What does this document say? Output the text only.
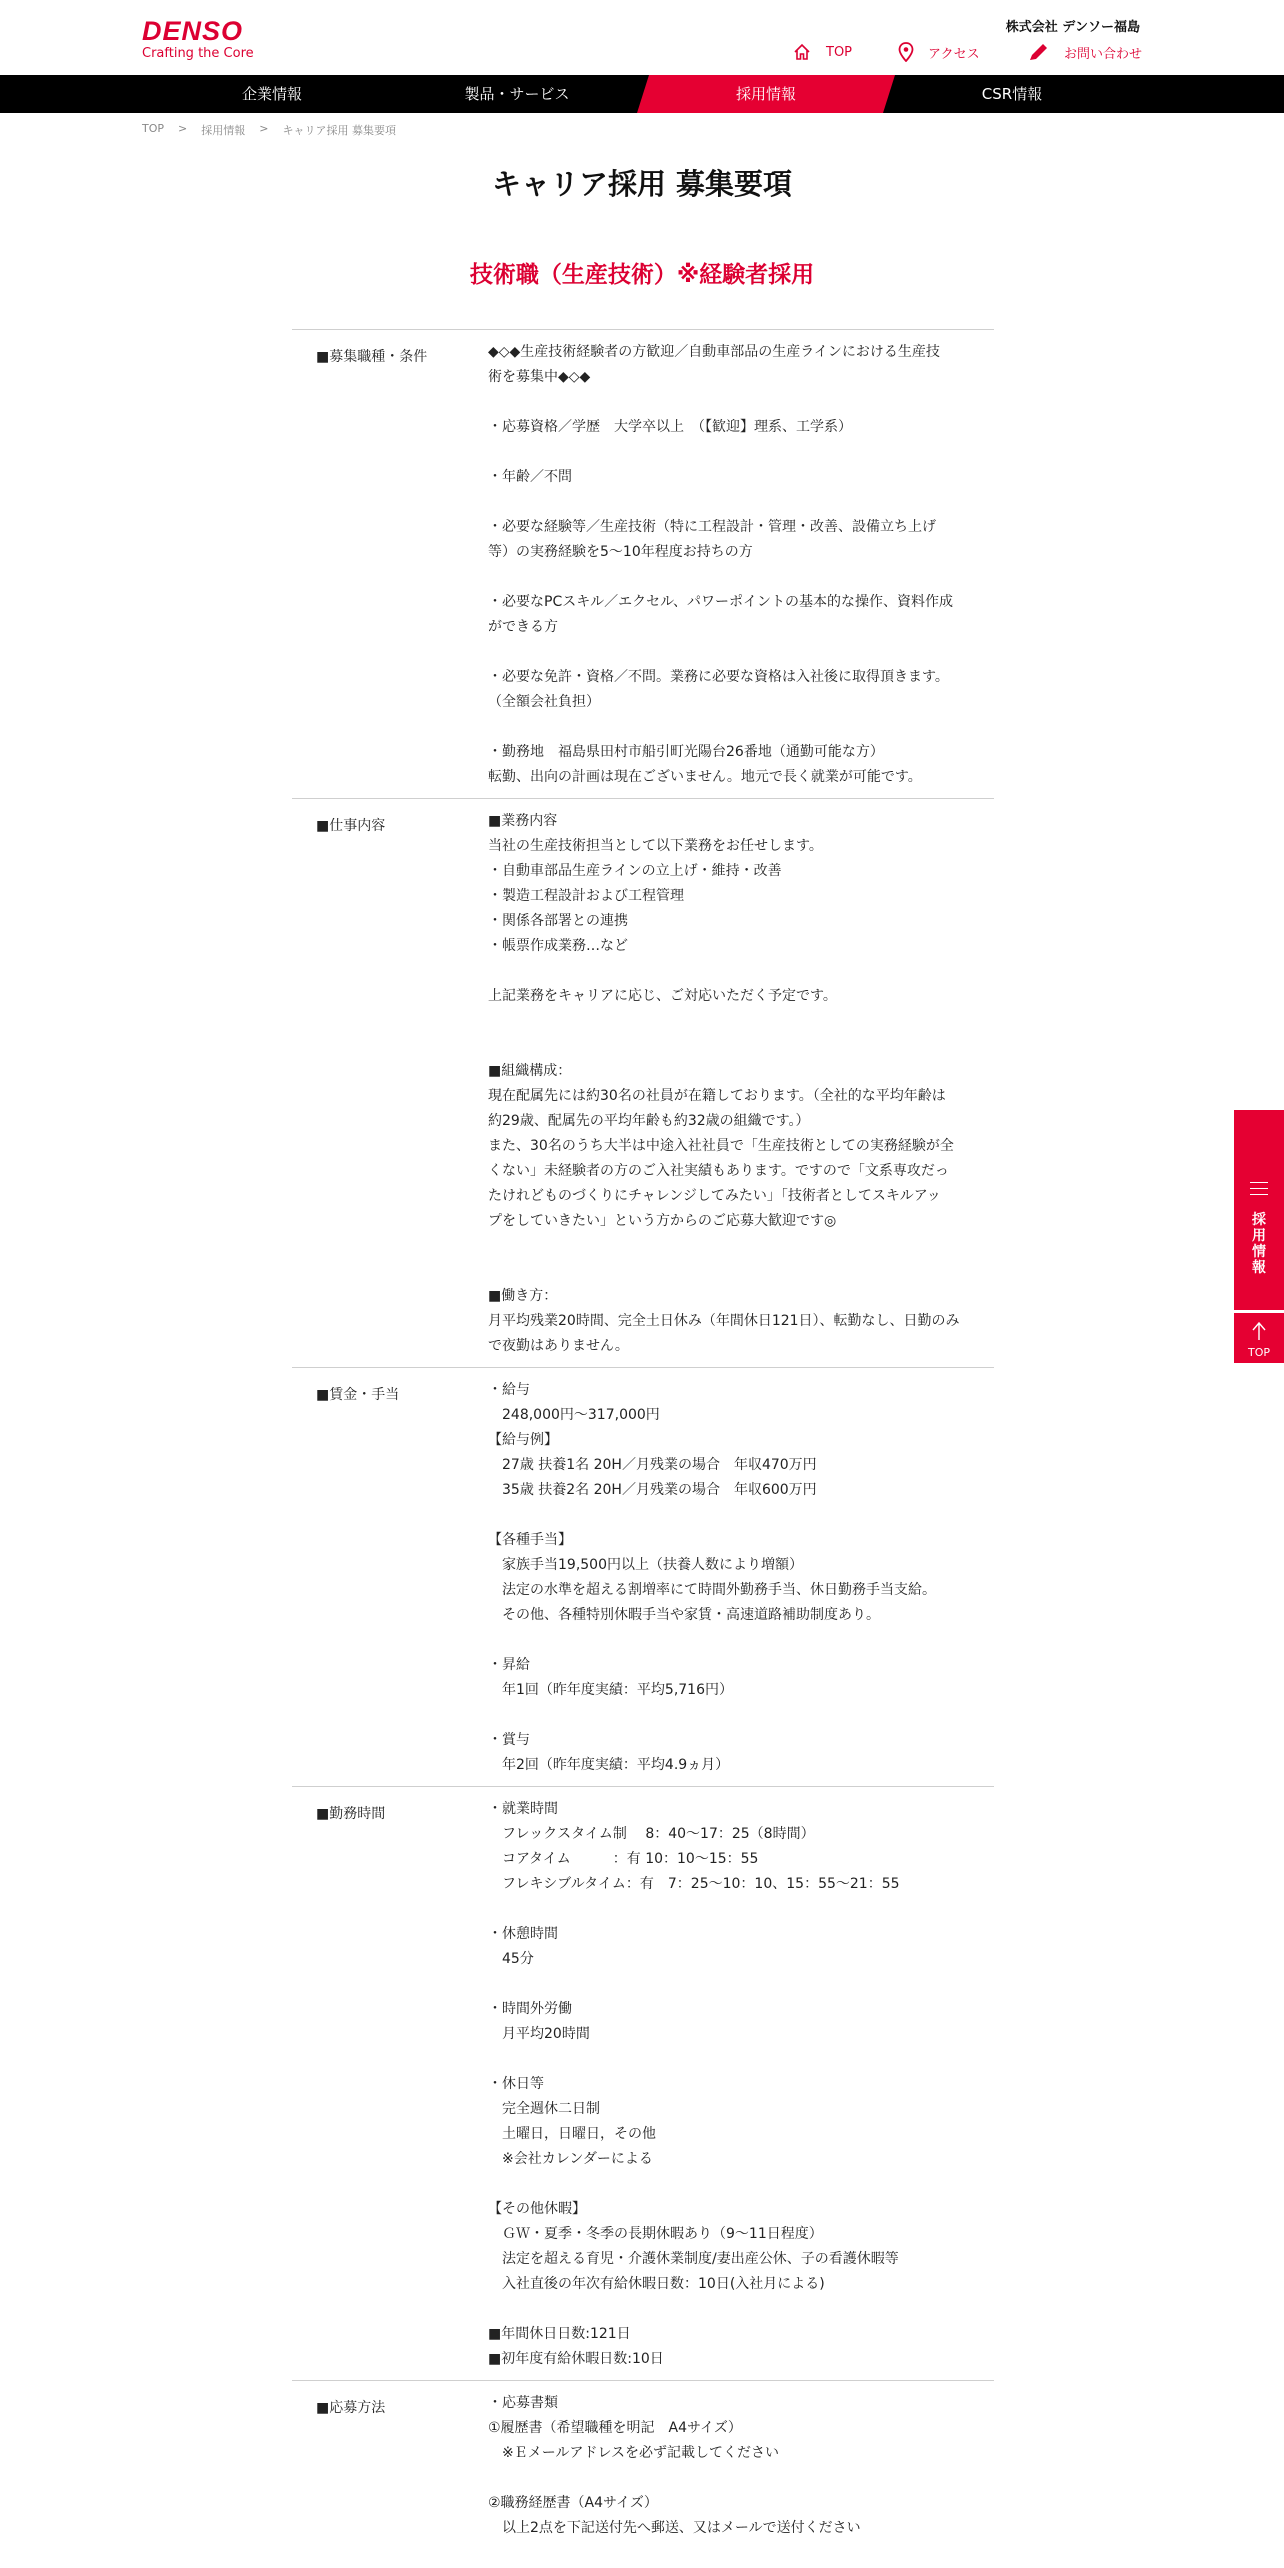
DENSO
Crafting the Core
株式会社 デンソー福島
TOP	アクセス	お問い合わせ
企業情報	製品・サービス	採用情報	CSR情報
TOP > 採用情報 > キャリア採用 募集要項
キャリア採用 募集要項
技術職（生産技術）※経験者採用
■募集職種・条件	◆◇◆生産技術経験者の方歓迎／自動車部品の生産ラインにおける生産技
術を募集中◆◇◆
・応募資格／学歴　大学卒以上　（【歓迎】理系、工学系）
・年齢／不問
・必要な経験等／生産技術（特に工程設計・管理・改善、設備立ち上げ
等）の実務経験を5〜10年程度お持ちの方
・必要なPCスキル／エクセル、パワーポイントの基本的な操作、資料作成
ができる方
・必要な免許・資格／不問。業務に必要な資格は入社後に取得頂きます。
（全額会社負担）
・勤務地　福島県田村市船引町光陽台26番地（通勤可能な方）
転勤、出向の計画は現在ございません。地元で長く就業が可能です。
■仕事内容	■業務内容
当社の生産技術担当として以下業務をお任せします。
・自動車部品生産ラインの立上げ・維持・改善
・製造工程設計および工程管理
・関係各部署との連携
・帳票作成業務…など
上記業務をキャリアに応じ、ご対応いただく予定です。
■組織構成：
現在配属先には約30名の社員が在籍しております。（全社的な平均年齢は
約29歳、配属先の平均年齢も約32歳の組織です。）
また、30名のうち大半は中途入社社員で「生産技術としての実務経験が全
くない」未経験者の方のご入社実績もあります。ですので「文系専攻だっ
たけれどものづくりにチャレンジしてみたい」「技術者としてスキルアッ
プをしていきたい」という方からのご応募大歓迎です◎
■働き方：
月平均残業20時間、完全土日休み（年間休日121日）、転勤なし、日勤のみ
で夜勤はありません。
■賃金・手当	・給与
　248,000円～317,000円
【給与例】
　27歳 扶養1名 20H／月残業の場合　年収470万円
　35歳 扶養2名 20H／月残業の場合　年収600万円
【各種手当】
　家族手当19,500円以上（扶養人数により増額）
　法定の水準を超える割増率にて時間外勤務手当、休日勤務手当支給。
　その他、各種特別休暇手当や家賃・高速道路補助制度あり。
・昇給
　年1回（昨年度実績：平均5,716円）
・賞与
　年2回（昨年度実績：平均4.9ヵ月）
■勤務時間	・就業時間
　フレックスタイム制　 8：40～17：25（8時間）
　コアタイム　　　：有 10：10〜15：55
　フレキシブルタイム：有　7：25〜10：10、15：55〜21：55
・休憩時間
　45分
・時間外労働
　月平均20時間
・休日等
　完全週休二日制
　土曜日，日曜日，その他
　※会社カレンダーによる
【その他休暇】
　ＧＷ・夏季・冬季の長期休暇あり（9～11日程度）
　法定を超える育児・介護休業制度/妻出産公休、子の看護休暇等
　入社直後の年次有給休暇日数：10日(入社月による)
■年間休日日数:121日
■初年度有給休暇日数:10日
■応募方法	・応募書類
①履歴書（希望職種を明記　A4サイズ）
　※Ｅメールアドレスを必ず記載してください
②職務経歴書（A4サイズ）
　以上2点を下記送付先へ郵送、又はメールで送付ください
採用情報
TOP
